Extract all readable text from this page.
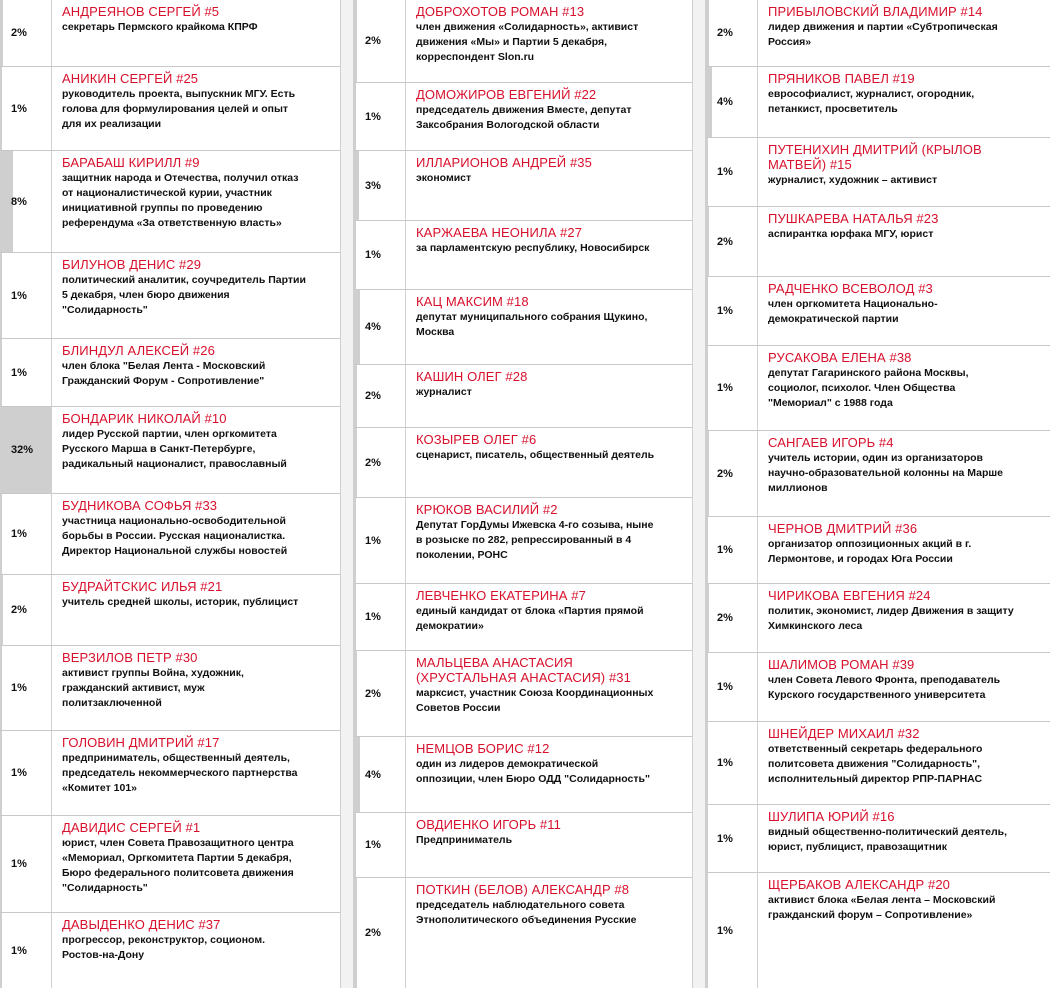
2%
АНДРЕЯНОВ СЕРГЕЙ #5
секретарь Пермского крайкома КПРФ
1%
АНИКИН СЕРГЕЙ #25
руководитель проекта, выпускник МГУ. Есть
голова для формулирования целей и опыт
для их реализации
8%
БАРАБАШ КИРИЛЛ #9
защитник народа и Отечества, получил отказ
от националистической курии, участник
инициативной группы по проведению
референдума «За ответственную власть»
1%
БИЛУНОВ ДЕНИС #29
политический аналитик, соучредитель Партии
5 декабря, член бюро движения
"Солидарность"
1%
БЛИНДУЛ АЛЕКСЕЙ #26
член блока "Белая Лента - Московский
Гражданский Форум - Сопротивление"
32%
БОНДАРИК НИКОЛАЙ #10
лидер Русской партии, член оргкомитета
Русского Марша в Санкт-Петербурге,
радикальный националист, православный
1%
БУДНИКОВА СОФЬЯ #33
участница национально-освободительной
борьбы в России. Русская националистка.
Директор Национальной службы новостей
2%
БУДРАЙТСКИС ИЛЬЯ #21
учитель средней школы, историк, публицист
1%
ВЕРЗИЛОВ ПЕТР #30
активист группы Война, художник,
гражданский активист, муж
политзаключенной
1%
ГОЛОВИН ДМИТРИЙ #17
предприниматель, общественный деятель,
председатель некоммерческого партнерства
«Комитет 101»
1%
ДАВИДИС СЕРГЕЙ #1
юрист, член Совета Правозащитного центра
«Мемориал, Оргкомитета Партии 5 декабря,
Бюро федерального политсовета движения
"Солидарность"
1%
ДАВЫДЕНКО ДЕНИС #37
прогрессор, реконструктор, соционом.
Ростов-на-Дону
2%
ДОБРОХОТОВ РОМАН #13
член движения «Солидарность», активист
движения «Мы» и Партии 5 декабря,
корреспондент Slon.ru
1%
ДОМОЖИРОВ ЕВГЕНИЙ #22
председатель движения Вместе, депутат
Заксобрания Вологодской области
3%
ИЛЛАРИОНОВ АНДРЕЙ #35
экономист
1%
КАРЖАЕВА НЕОНИЛА #27
за парламентскую республику, Новосибирск
4%
КАЦ МАКСИМ #18
депутат муниципального собрания Щукино,
Москва
2%
КАШИН ОЛЕГ #28
журналист
2%
КОЗЫРЕВ ОЛЕГ #6
сценарист, писатель, общественный деятель
1%
КРЮКОВ ВАСИЛИЙ #2
Депутат ГорДумы Ижевска 4-го созыва, ныне
в розыске по 282, репрессированный в 4
поколении, РОНС
1%
ЛЕВЧЕНКО ЕКАТЕРИНА #7
единый кандидат от блока «Партия прямой
демократии»
2%
МАЛЬЦЕВА АНАСТАСИЯ
(ХРУСТАЛЬНАЯ АНАСТАСИЯ) #31
марксист, участник Союза Координационных
Советов России
4%
НЕМЦОВ БОРИС #12
один из лидеров демократической
оппозиции, член Бюро ОДД "Солидарность"
1%
ОВДИЕНКО ИГОРЬ #11
Предприниматель
2%
ПОТКИН (БЕЛОВ) АЛЕКСАНДР #8
председатель наблюдательного совета
Этнополитического объединения Русские
2%
ПРИБЫЛОВСКИЙ ВЛАДИМИР #14
лидер движения и партии «Субтропическая
Россия»
4%
ПРЯНИКОВ ПАВЕЛ #19
еврософиалист, журналист, огородник,
петанкист, просветитель
1%
ПУТЕНИХИН ДМИТРИЙ (КРЫЛОВ
МАТВЕЙ) #15
журналист, художник – активист
2%
ПУШКАРЕВА НАТАЛЬЯ #23
аспирантка юрфака МГУ, юрист
1%
РАДЧЕНКО ВСЕВОЛОД #3
член оргкомитета Национально-
демократической партии
1%
РУСАКОВА ЕЛЕНА #38
депутат Гагаринского района Москвы,
социолог, психолог. Член Общества
"Мемориал" с 1988 года
2%
САНГАЕВ ИГОРЬ #4
учитель истории, один из организаторов
научно-образовательной колонны на Марше
миллионов
1%
ЧЕРНОВ ДМИТРИЙ #36
организатор оппозиционных акций в г.
Лермонтове, и городах Юга России
2%
ЧИРИКОВА ЕВГЕНИЯ #24
политик, экономист, лидер Движения в защиту
Химкинского леса
1%
ШАЛИМОВ РОМАН #39
член Совета Левого Фронта, преподаватель
Курского государственного университета
1%
ШНЕЙДЕР МИХАИЛ #32
ответственный секретарь федерального
политсовета движения "Солидарность",
исполнительный директор РПР-ПАРНАС
1%
ШУЛИПА ЮРИЙ #16
видный общественно-политический деятель,
юрист, публицист, правозащитник
1%
ЩЕРБАКОВ АЛЕКСАНДР #20
активист блока «Белая лента – Московский
гражданский форум – Сопротивление»
